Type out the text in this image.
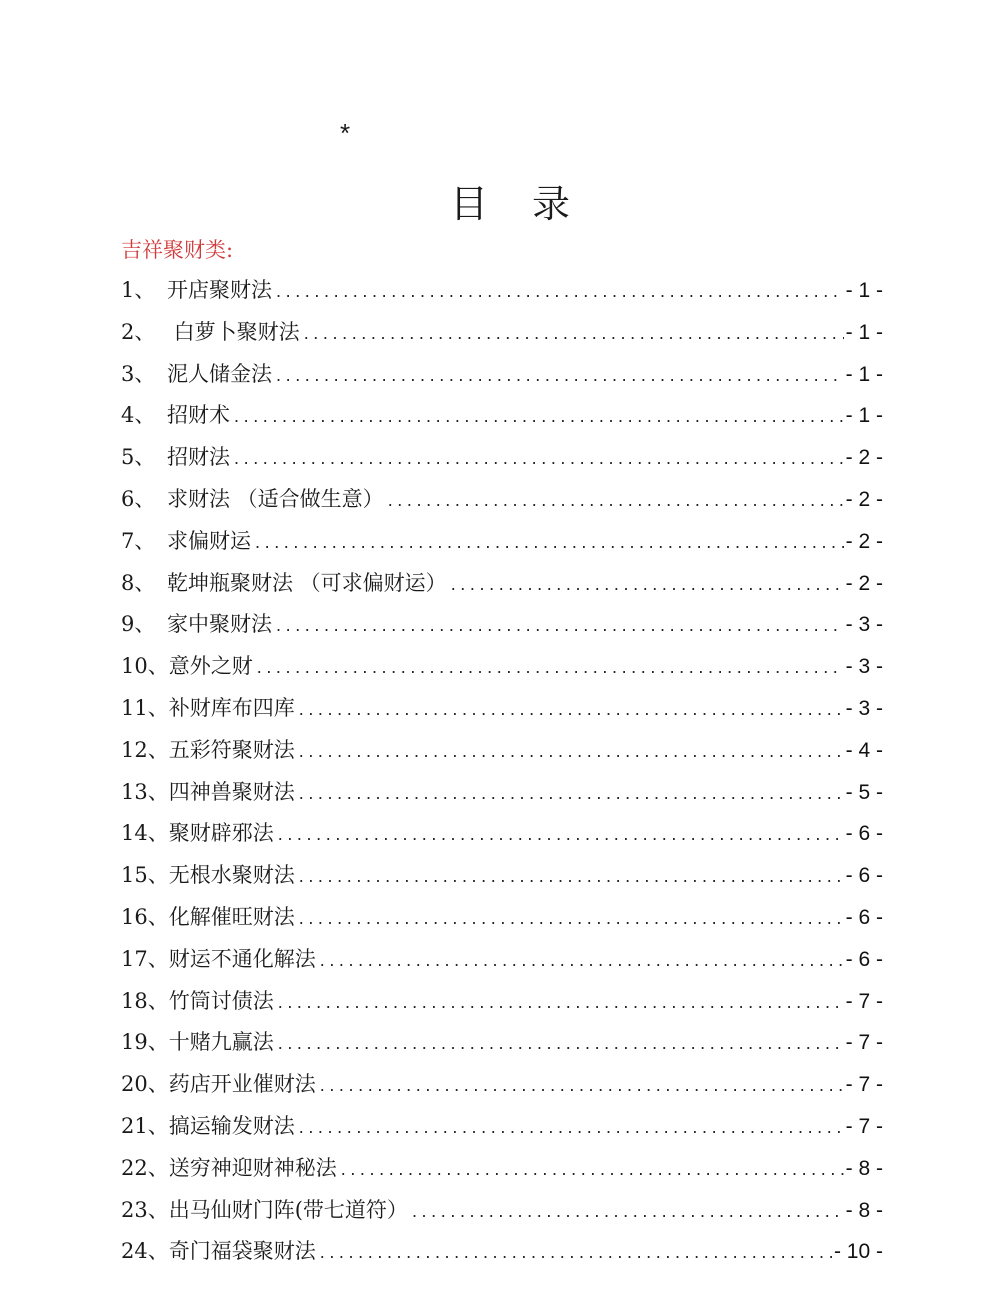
*
目 录
吉祥聚财类:
1、 开店聚财法 .....	- 1 -
2、 白萝卜聚财法 .....	- 1 -
3、 泥人储金法 .....	- 1 -
4、 招财术 .....	- 1 -
5、 招财法 .....	- 2 -
6、 求财法 （适合做生意） .....	- 2 -
7、 求偏财运 .....	- 2 -
8、 乾坤瓶聚财法 （可求偏财运） .....	- 2 -
9、 家中聚财法 .....	- 3 -
10、 意外之财 .....	- 3 -
11、 补财库布四库 .....	- 3 -
12、 五彩符聚财法 .....	- 4 -
13、 四神兽聚财法 .....	- 5 -
14、 聚财辟邪法 .....	- 6 -
15、 无根水聚财法 .....	- 6 -
16、 化解催旺财法 .....	- 6 -
17、 财运不通化解法 .....	- 6 -
18、 竹筒讨债法 .....	- 7 -
19、 十赌九赢法 .....	- 7 -
20、 药店开业催财法 .....	- 7 -
21、 搞运输发财法 .....	- 7 -
22、 送穷神迎财神秘法 .....	- 8 -
23、 出马仙财门阵(带七道符） .....	- 8 -
24、 奇门福袋聚财法 .....	- 10 -
